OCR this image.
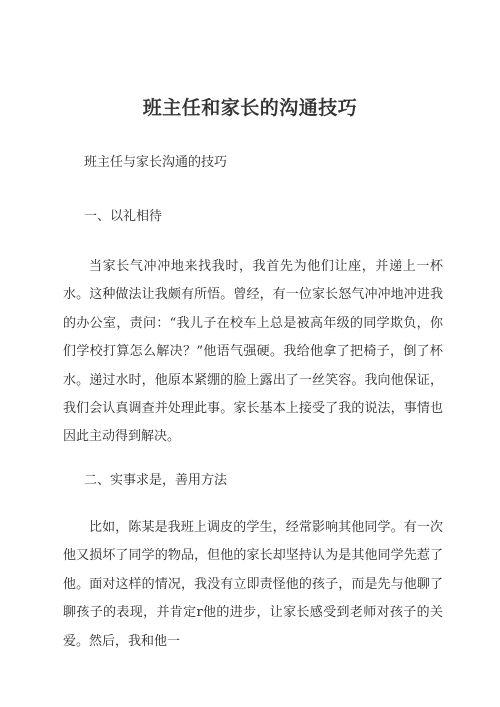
班主任和家长的沟通技巧

班主任与家长沟通的技巧

一、以礼相待

当家长气冲冲地来找我时，我首先为他们让座，并递上一杯水。这种做法让我颇有所悟。曾经，有一位家长怒气冲冲地冲进我的办公室，责问：“我儿子在校车上总是被高年级的同学欺负，你们学校打算怎么解决？”他语气强硬。我给他拿了把椅子，倒了杯水。递过水时，他原本紧绷的脸上露出了一丝笑容。我向他保证，我们会认真调查并处理此事。家长基本上接受了我的说法，事情也因此主动得到解决。

二、实事求是，善用方法

比如，陈某是我班上调皮的学生，经常影响其他同学。有一次他又损坏了同学的物品，但他的家长却坚持认为是其他同学先惹了他。面对这样的情况，我没有立即责怪他的孩子，而是先与他聊了聊孩子的表现，并肯定r他的进步，让家长感受到老师对孩子的关爱。然后，我和他一
